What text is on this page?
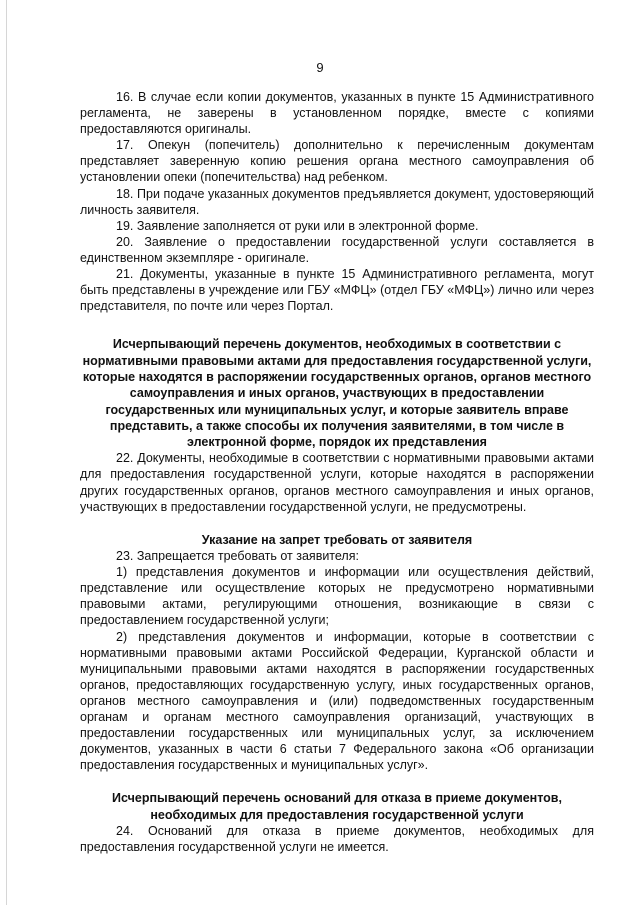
9

16. В случае если копии документов, указанных в пункте 15 Административного регламента, не заверены в установленном порядке, вместе с копиями предоставляются оригиналы.

17. Опекун (попечитель) дополнительно к перечисленным документам представляет заверенную копию решения органа местного самоуправления об установлении опеки (попечительства) над ребенком.

18. При подаче указанных документов предъявляется документ, удостоверяющий личность заявителя.

19. Заявление заполняется от руки или в электронной форме.

20. Заявление о предоставлении государственной услуги составляется в единственном экземпляре - оригинале.

21. Документы, указанные в пункте 15 Административного регламента, могут быть представлены в учреждение или ГБУ «МФЦ» (отдел ГБУ «МФЦ») лично или через представителя, по почте или через Портал.

Исчерпывающий перечень документов, необходимых в соответствии с нормативными правовыми актами для предоставления государственной услуги, которые находятся в распоряжении государственных органов, органов местного самоуправления и иных органов, участвующих в предоставлении государственных или муниципальных услуг, и которые заявитель вправе представить, а также способы их получения заявителями, в том числе в электронной форме, порядок их представления

22. Документы, необходимые в соответствии с нормативными правовыми актами для предоставления государственной услуги, которые находятся в распоряжении других государственных органов, органов местного самоуправления и иных органов, участвующих в предоставлении государственной услуги, не предусмотрены.

Указание на запрет требовать от заявителя

23. Запрещается требовать от заявителя:

1) представления документов и информации или осуществления действий, представление или осуществление которых не предусмотрено нормативными правовыми актами, регулирующими отношения, возникающие в связи с предоставлением государственной услуги;

2) представления документов и информации, которые в соответствии с нормативными правовыми актами Российской Федерации, Курганской области и муниципальными правовыми актами находятся в распоряжении государственных органов, предоставляющих государственную услугу, иных государственных органов, органов местного самоуправления и (или) подведомственных государственным органам и органам местного самоуправления организаций, участвующих в предоставлении государственных или муниципальных услуг, за исключением документов, указанных в части 6 статьи 7 Федерального закона «Об организации предоставления государственных и муниципальных услуг».

Исчерпывающий перечень оснований для отказа в приеме документов, необходимых для предоставления государственной услуги

24. Оснований для отказа в приеме документов, необходимых для предоставления государственной услуги не имеется.
